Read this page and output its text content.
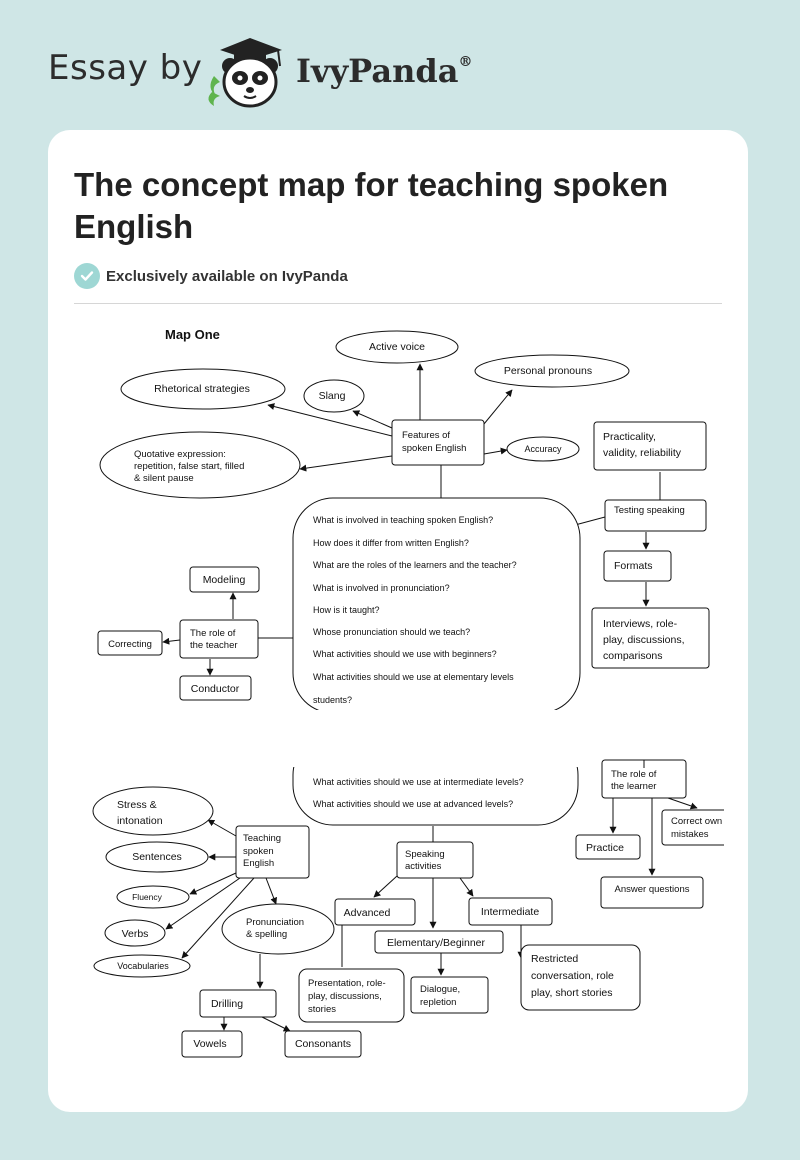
Essay by	IvyPanda®
The concept map for teaching spoken English
Exclusively available on IvyPanda
Map One
Active voice
Personal pronouns
Slang
Rhetorical strategies
Quotative expression:
repetition, false start, filled
& silent pause
Accuracy
Features of
spoken English
Practicality,
validity, reliability
Testing speaking
Formats
Interviews, role-
play, discussions,
comparisons
What is involved in teaching spoken English?
How does it differ from written English?
What are the roles of the learners and the teacher?
What is involved in pronunciation?
How is it taught?
Whose pronunciation should we teach?
What activities should we use with beginners?
What activities should we use at elementary levels
students?
What activities should we use at intermediate levels?
What activities should we use at advanced levels?
Modeling
The role of
the teacher
Correcting
Conductor
The role of
the learner
Correct own
mistakes
Practice
Answer questions
Teaching
spoken
English
Stress &
intonation
Sentences
Fluency
Verbs
Vocabularies
Pronunciation
& spelling
Drilling
Vowels	Consonants
Speaking
activities
Advanced
Elementary/Beginner
Intermediate
Presentation, role-
play, discussions,
stories
Dialogue,
repletion
Restricted
conversation, role
play, short stories
